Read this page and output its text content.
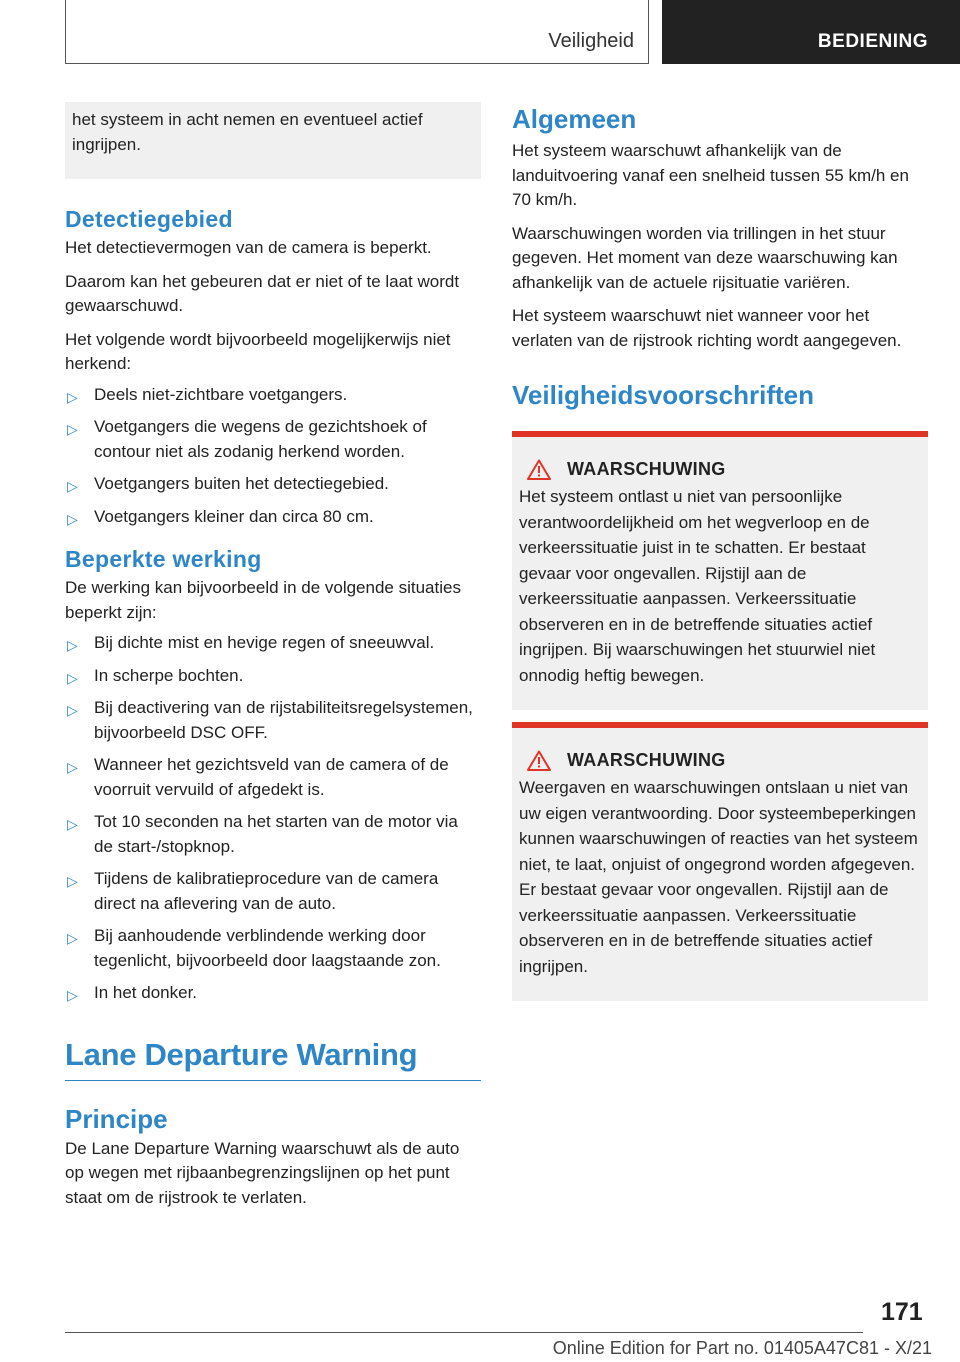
Veiligheid	BEDIENING
het systeem in acht nemen en eventueel actief ingrijpen.
Detectiegebied

Het detectievermogen van de camera is beperkt.

Daarom kan het gebeuren dat er niet of te laat wordt gewaarschuwd.

Het volgende wordt bijvoorbeeld mogelijkerwijs niet herkend:

▷ Deels niet-zichtbare voetgangers.
▷ Voetgangers die wegens de gezichtshoek of contour niet als zodanig herkend worden.
▷ Voetgangers buiten het detectiegebied.
▷ Voetgangers kleiner dan circa 80 cm.
Beperkte werking

De werking kan bijvoorbeeld in de volgende situaties beperkt zijn:

▷ Bij dichte mist en hevige regen of sneeuwval.
▷ In scherpe bochten.
▷ Bij deactivering van de rijstabiliteitsregelsystemen, bijvoorbeeld DSC OFF.
▷ Wanneer het gezichtsveld van de camera of de voorruit vervuild of afgedekt is.
▷ Tot 10 seconden na het starten van de motor via de start-/stopknop.
▷ Tijdens de kalibratieprocedure van de camera direct na aflevering van de auto.
▷ Bij aanhoudende verblindende werking door tegenlicht, bijvoorbeeld door laagstaande zon.
▷ In het donker.
Lane Departure Warning
Principe

De Lane Departure Warning waarschuwt als de auto op wegen met rijbaanbegrenzingslijnen op het punt staat om de rijstrook te verlaten.

Algemeen

Het systeem waarschuwt afhankelijk van de landuitvoering vanaf een snelheid tussen 55 km/h en 70 km/h.

Waarschuwingen worden via trillingen in het stuur gegeven. Het moment van deze waarschuwing kan afhankelijk van de actuele rijsituatie variëren.

Het systeem waarschuwt niet wanneer voor het verlaten van de rijstrook richting wordt aangegeven.

Veiligheidsvoorschriften
WAARSCHUWING

Het systeem ontlast u niet van persoonlijke verantwoordelijkheid om het wegverloop en de verkeerssituatie juist in te schatten. Er bestaat gevaar voor ongevallen. Rijstijl aan de verkeerssituatie aanpassen. Verkeerssituatie observeren en in de betreffende situaties actief ingrijpen. Bij waarschuwingen het stuurwiel niet onnodig heftig bewegen.

WAARSCHUWING

Weergaven en waarschuwingen ontslaan u niet van uw eigen verantwoording. Door systeembeperkingen kunnen waarschuwingen of reacties van het systeem niet, te laat, onjuist of ongegrond worden afgegeven. Er bestaat gevaar voor ongevallen. Rijstijl aan de verkeerssituatie aanpassen. Verkeerssituatie observeren en in de betreffende situaties actief ingrijpen.

171
Online Edition for Part no. 01405A47C81 - X/21
